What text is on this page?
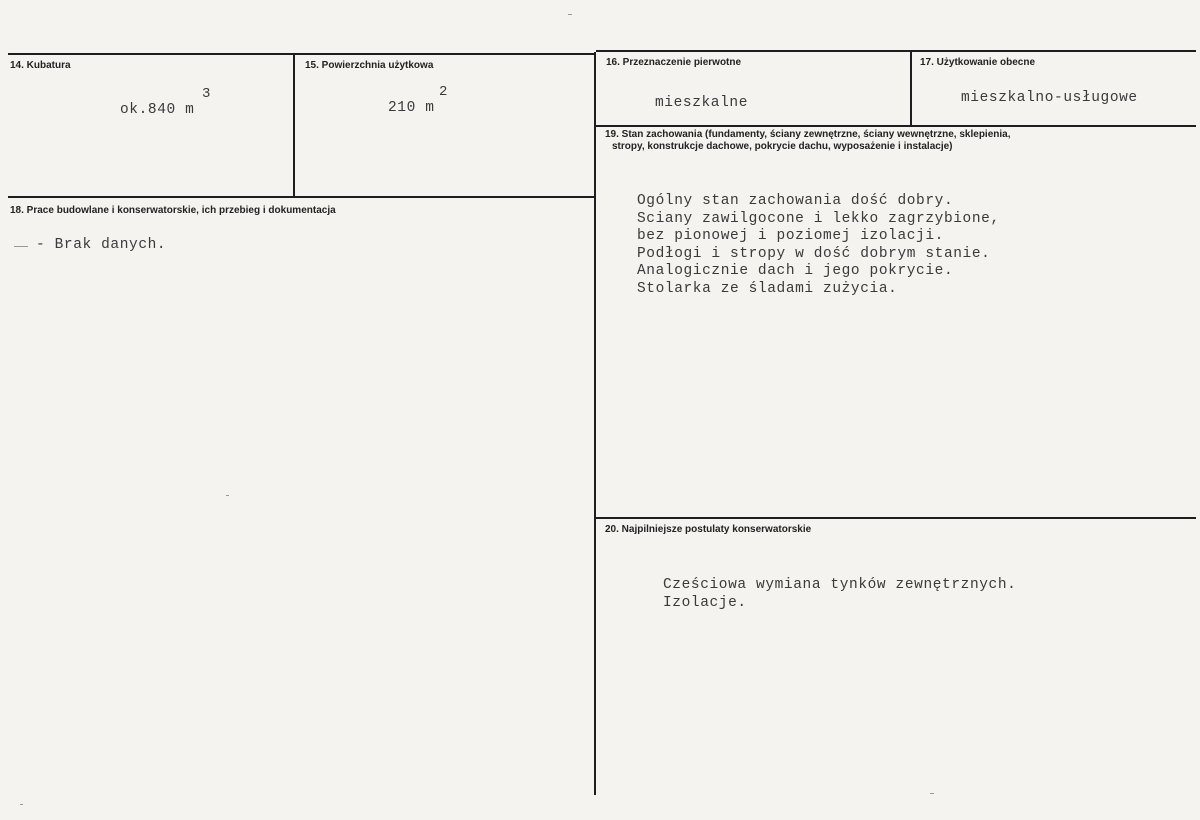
14. Kubatura
3
ok.840 m
15. Powierzchnia użytkowa
2
210 m
16. Przeznaczenie pierwotne
mieszkalne
17. Użytkowanie obecne
mieszkalno-usługowe
18. Prace budowlane i konserwatorskie, ich przebieg i dokumentacja
- Brak danych.
19. Stan zachowania (fundamenty, ściany zewnętrzne, ściany wewnętrzne, sklepienia,
stropy, konstrukcje dachowe, pokrycie dachu, wyposażenie i instalacje)
Ogólny stan zachowania dość dobry.
Sciany zawilgocone i lekko zagrzybione,
bez pionowej i poziomej izolacji.
Podłogi i stropy w dość dobrym stanie.
Analogicznie dach i jego pokrycie.
Stolarka ze śladami zużycia.
20. Najpilniejsze postulaty konserwatorskie
Cześciowa wymiana tynków zewnętrznych.
Izolacje.
